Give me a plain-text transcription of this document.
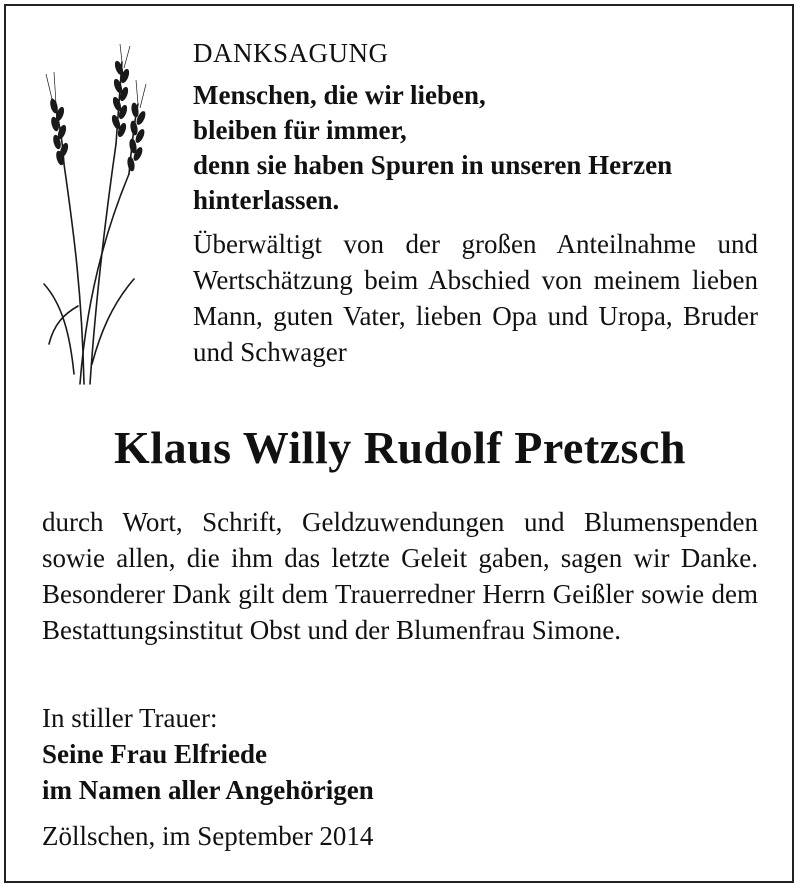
DANKSAGUNG
Menschen, die wir lieben,
bleiben für immer,
denn sie haben Spuren in unseren Herzen
hinterlassen.
Überwältigt von der großen Anteilnahme und Wertschätzung beim Abschied von meinem lieben Mann, guten Vater, lieben Opa und Uropa, Bruder und Schwager
Klaus Willy Rudolf Pretzsch
durch Wort, Schrift, Geldzuwendungen und Blumenspenden sowie allen, die ihm das letzte Geleit gaben, sagen wir Danke. Besonderer Dank gilt dem Trauerredner Herrn Geißler sowie dem Bestattungsinstitut Obst und der Blumenfrau Simone.
In stiller Trauer:
Seine Frau Elfriede
im Namen aller Angehörigen
Zöllschen, im September 2014
